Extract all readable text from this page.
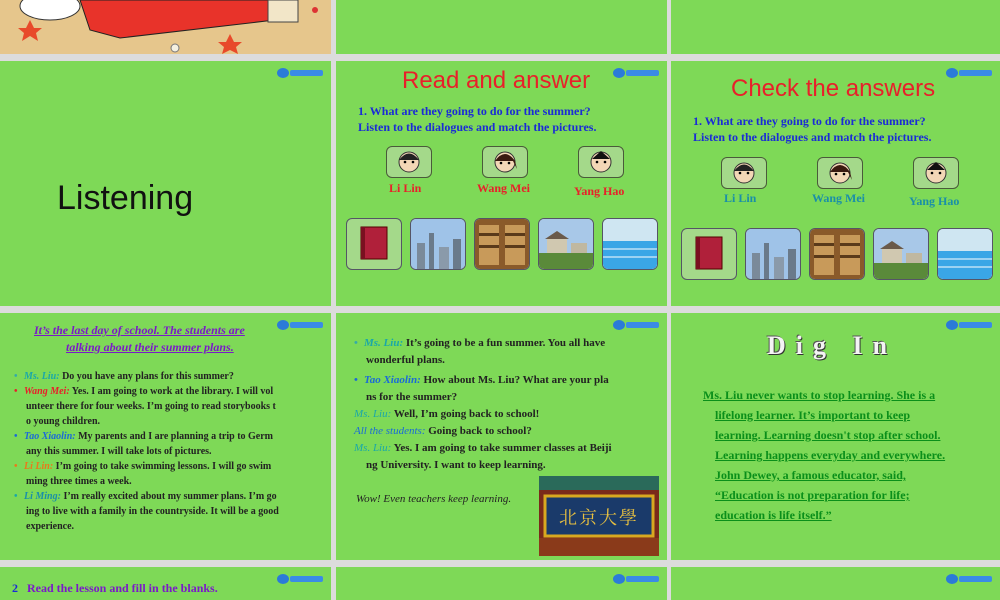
Listening
Read and answer
1. What are they going to do for the summer?
Listen to the dialogues and match the pictures.
Li Lin	Wang Mei	Yang Hao
Check the answers
1. What are they going to do for the summer?
Listen to the dialogues and match the pictures.
Li Lin	Wang Mei	Yang Hao
It’s the last day of school. The students are
talking about their summer plans.
• Ms. Liu: Do you have any plans for this summer?
• Wang Mei: Yes. I am going to work at the library. I will vol
unteer there for four weeks. I’m going to read storybooks t
o young children.
• Tao Xiaolin: My parents and I are planning a trip to Germ
any this summer. I will take lots of pictures.
• Li Lin: I’m going to take swimming lessons. I will go swim
ming three times a week.
• Li Ming: I’m really excited about my summer plans. I’m go
ing to live with a family in the countryside. It will be a good
experience.
• Ms. Liu: It’s going to be a fun summer. You all have
wonderful plans.
• Tao Xiaolin: How about Ms. Liu? What are your pla
ns for the summer?
Ms. Liu: Well, I’m going back to school!
All the students: Going back to school?
Ms. Liu: Yes. I am going to take summer classes at Beiji
ng University. I want to keep learning.
Wow! Even teachers keep learning.
北京大學
Dig In
Ms. Liu never wants to stop learning. She is a
lifelong learner. It’s important to keep
learning. Learning doesn't stop after school.
Learning happens everyday and everywhere.
John Dewey, a famous educator, said,
“Education is not preparation for life;
education is life itself.”
2 Read the lesson and fill in the blanks.
